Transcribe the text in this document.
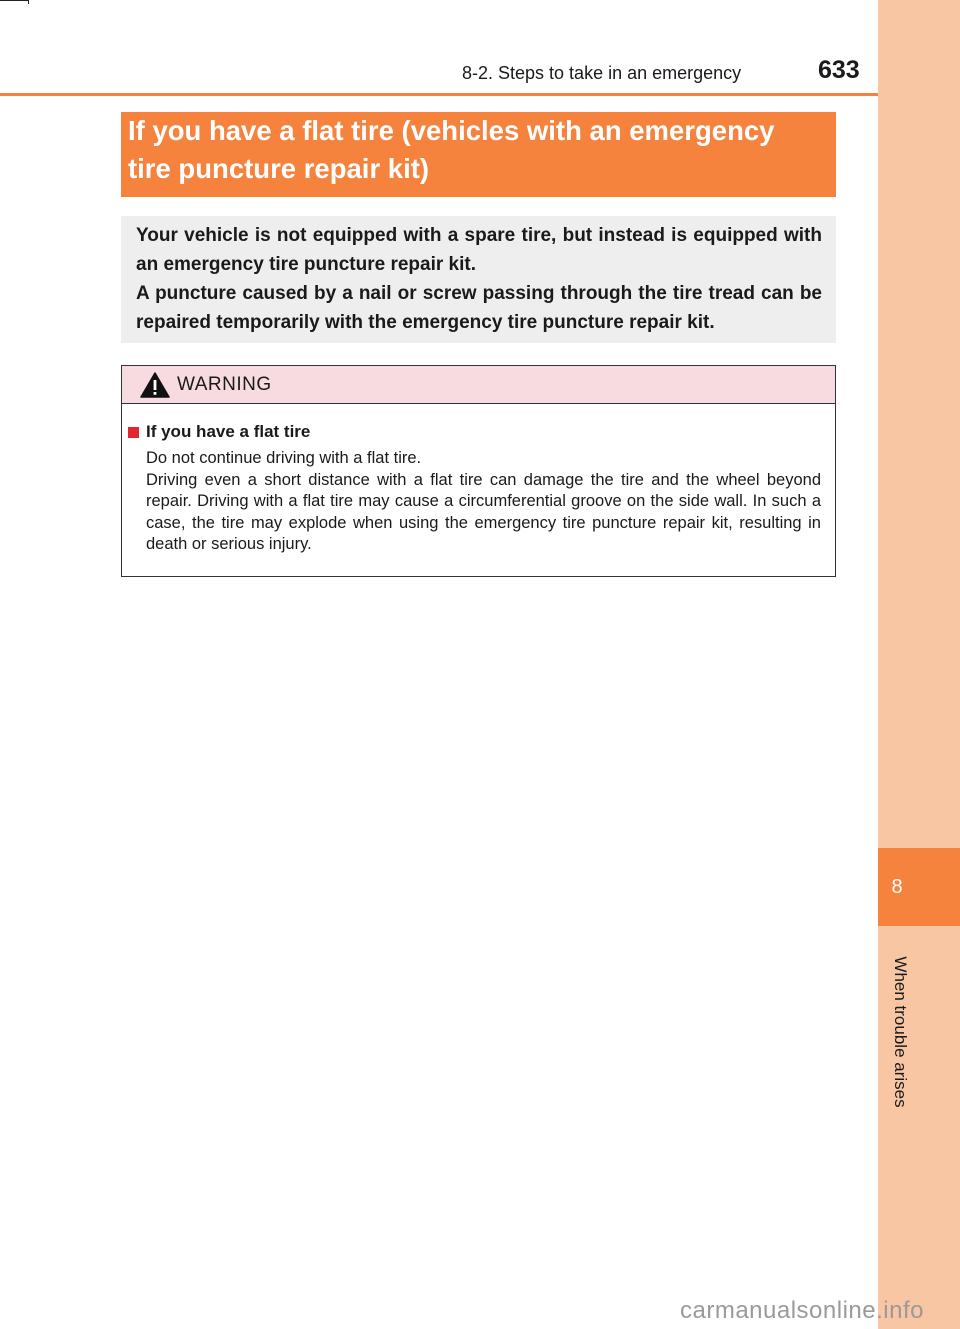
8
When trouble arises
8-2. Steps to take in an emergency	633
If you have a flat tire (vehicles with an emergency
tire puncture repair kit)

Your vehicle is not equipped with a spare tire, but instead is equipped with an emergency tire puncture repair kit.

A puncture caused by a nail or screw passing through the tire tread can be repaired temporarily with the emergency tire puncture repair kit.

WARNING
If you have a flat tire

Do not continue driving with a flat tire.

Driving even a short distance with a flat tire can damage the tire and the wheel beyond repair. Driving with a flat tire may cause a circumferential groove on the side wall. In such a case, the tire may explode when using the emergency tire puncture repair kit, resulting in death or serious injury.

carmanualsonline.info
